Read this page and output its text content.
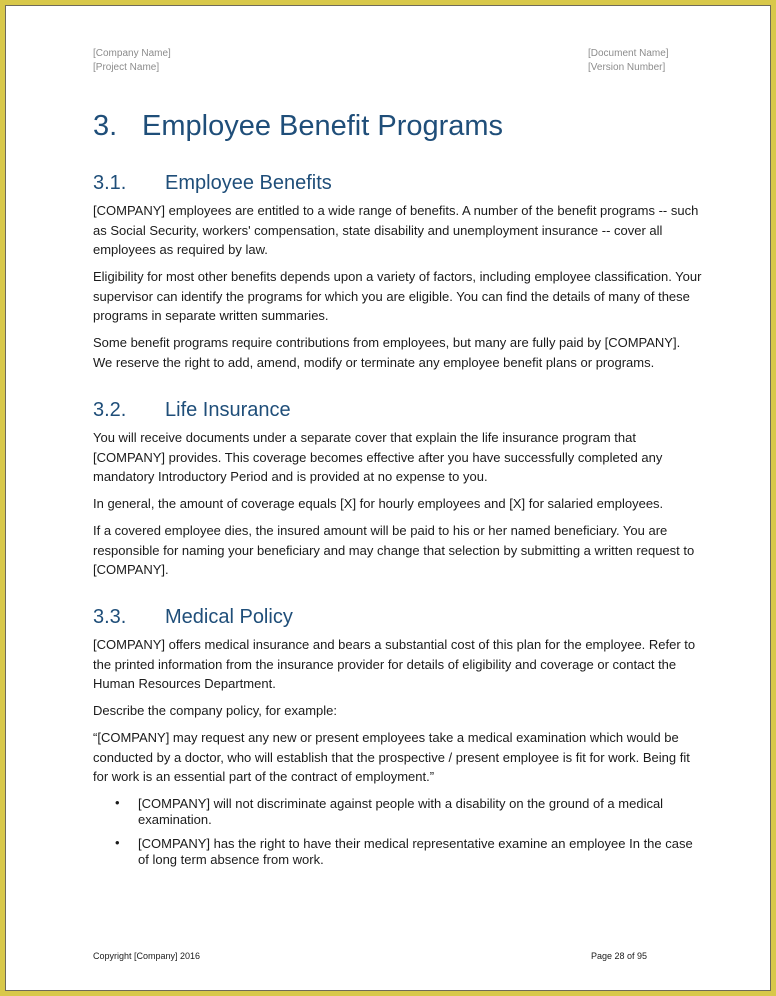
[Company Name]
[Project Name]
[Document Name]
[Version Number]
3. Employee Benefit Programs
3.1. Employee Benefits
[COMPANY] employees are entitled to a wide range of benefits. A number of the benefit programs -- such as Social Security, workers' compensation, state disability and unemployment insurance -- cover all employees as required by law.
Eligibility for most other benefits depends upon a variety of factors, including employee classification. Your supervisor can identify the programs for which you are eligible. You can find the details of many of these programs in separate written summaries.
Some benefit programs require contributions from employees, but many are fully paid by [COMPANY]. We reserve the right to add, amend, modify or terminate any employee benefit plans or programs.
3.2. Life Insurance
You will receive documents under a separate cover that explain the life insurance program that [COMPANY] provides. This coverage becomes effective after you have successfully completed any mandatory Introductory Period and is provided at no expense to you.
In general, the amount of coverage equals [X] for hourly employees and [X] for salaried employees.
If a covered employee dies, the insured amount will be paid to his or her named beneficiary. You are responsible for naming your beneficiary and may change that selection by submitting a written request to [COMPANY].
3.3. Medical Policy
[COMPANY] offers medical insurance and bears a substantial cost of this plan for the employee. Refer to the printed information from the insurance provider for details of eligibility and coverage or contact the Human Resources Department.
Describe the company policy, for example:
“[COMPANY] may request any new or present employees take a medical examination which would be conducted by a doctor, who will establish that the prospective / present employee is fit for work. Being fit for work is an essential part of the contract of employment.”
• [COMPANY] will not discriminate against people with a disability on the ground of a medical examination.
• [COMPANY] has the right to have their medical representative examine an employee In the case of long term absence from work.
Copyright [Company] 2016	Page 28 of 95
